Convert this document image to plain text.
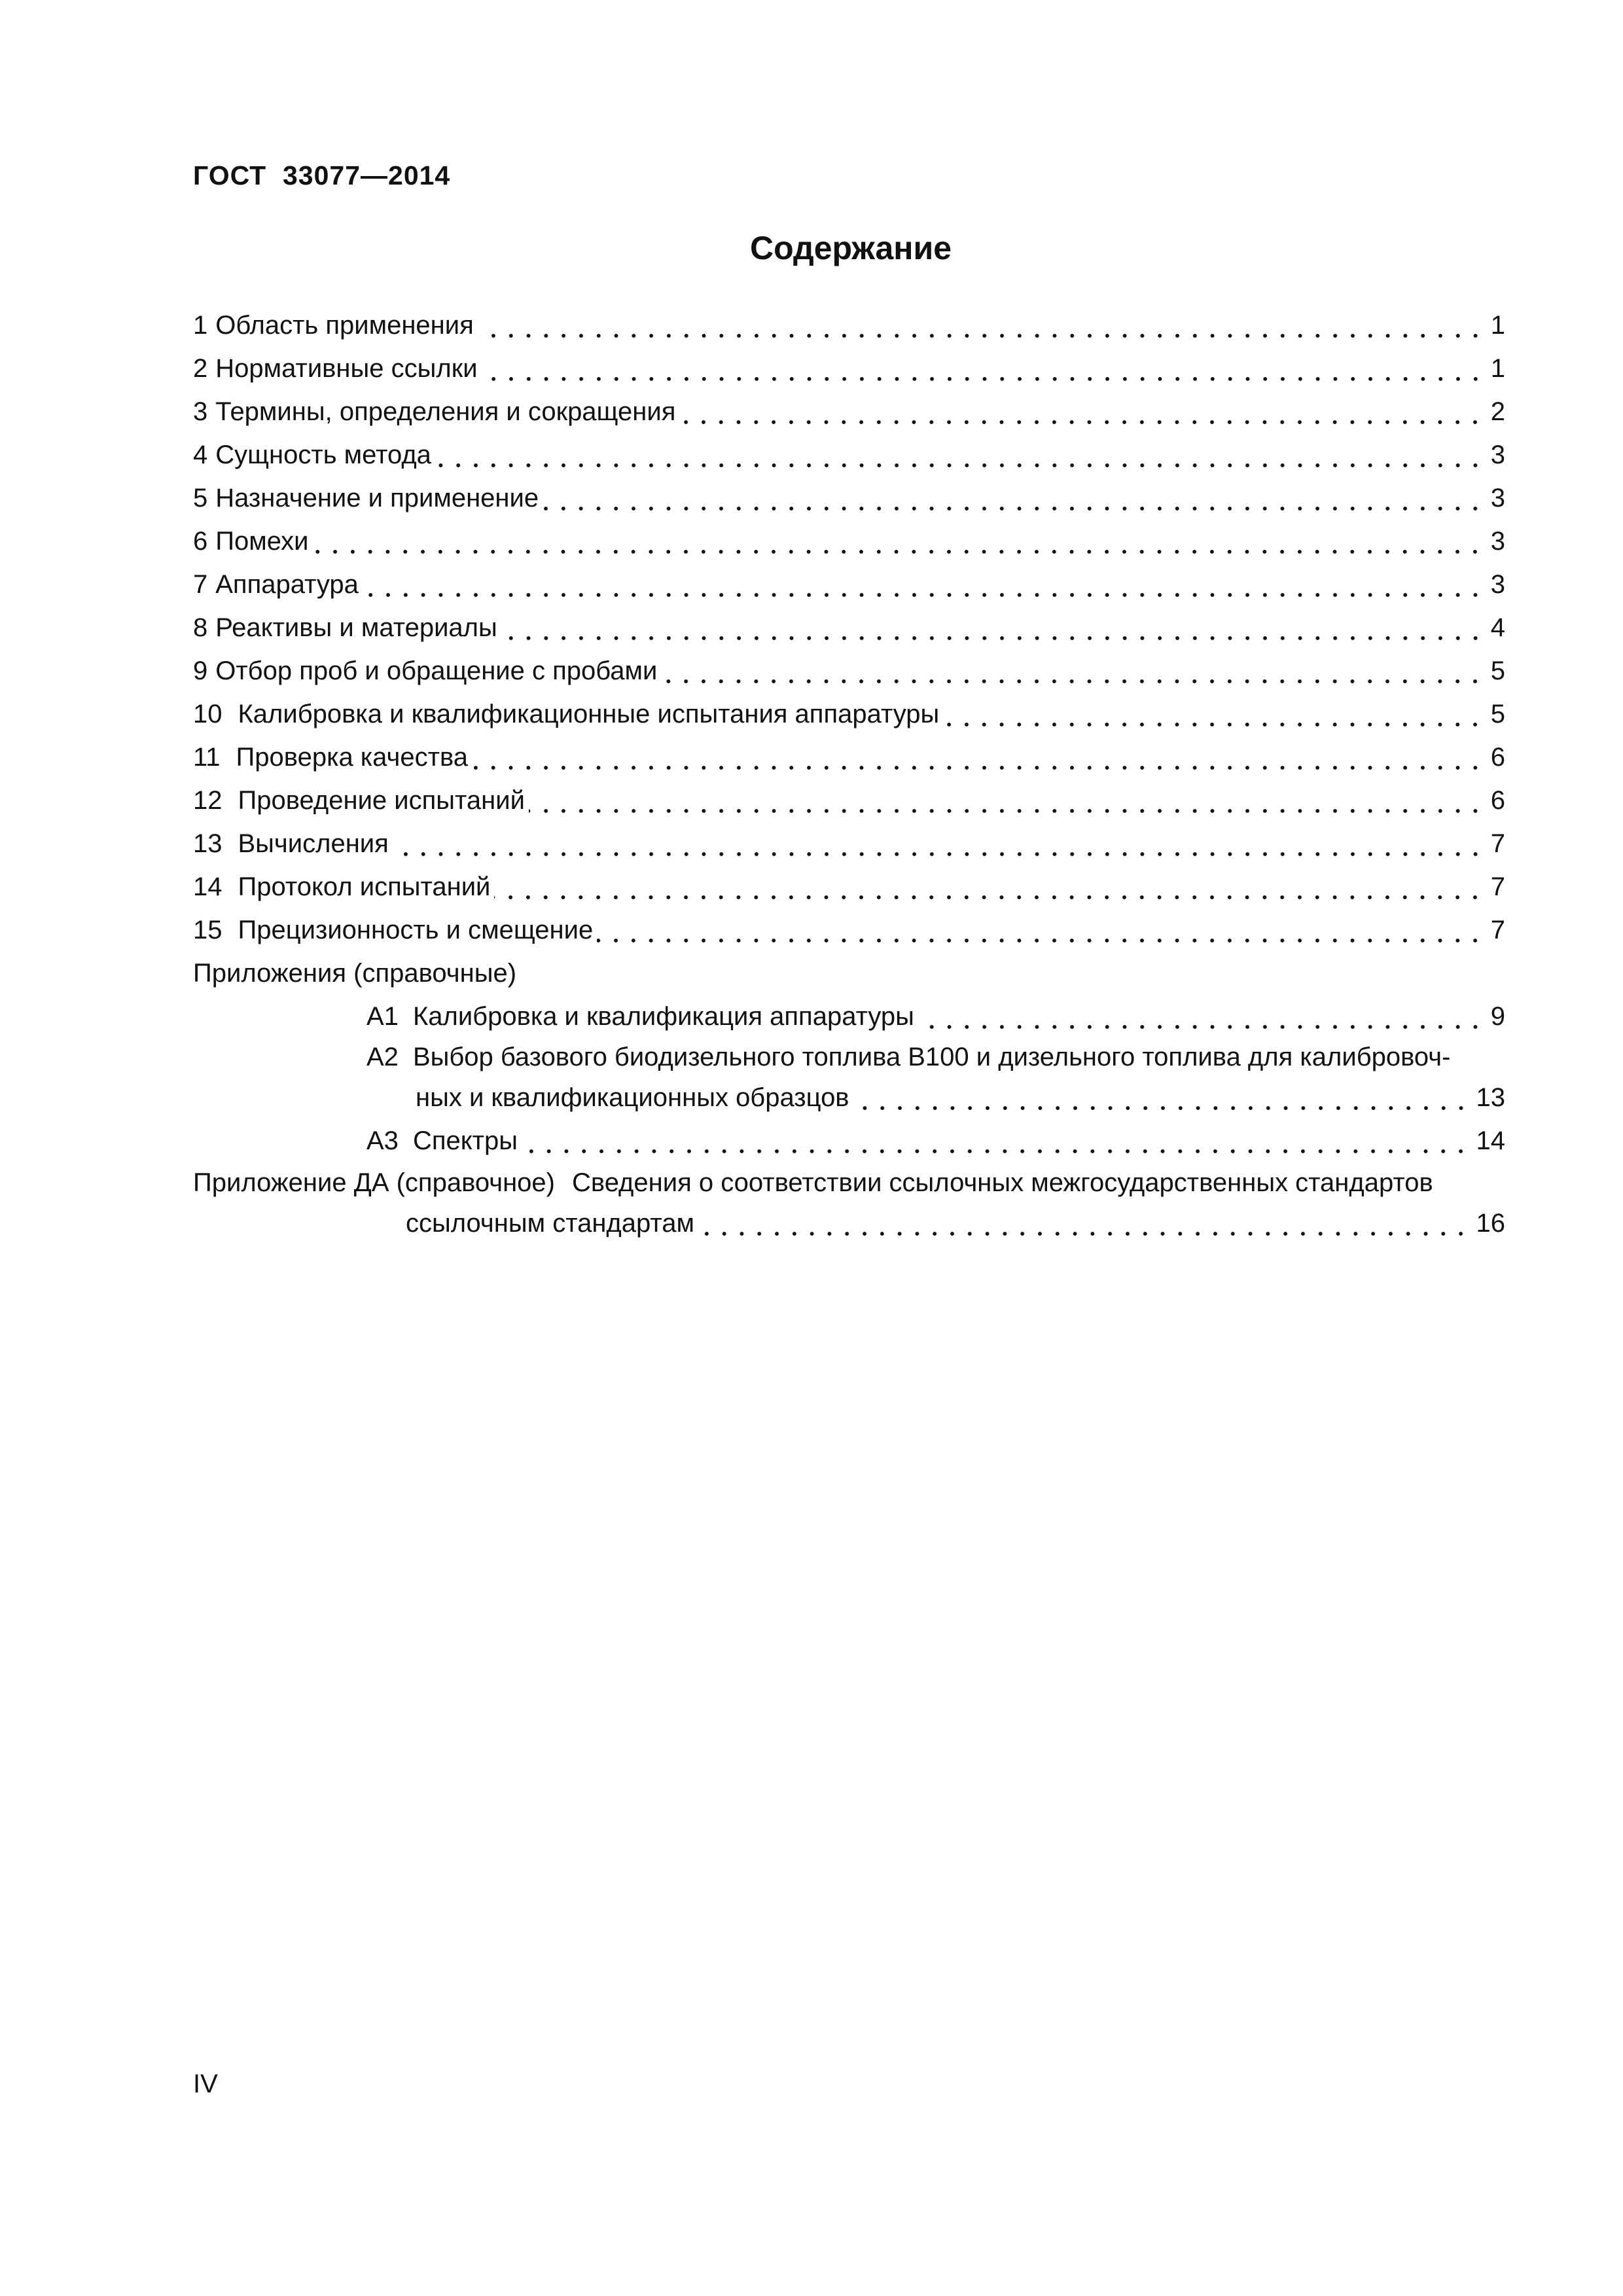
ГОСТ  33077—2014
Содержание
1 Область применения	1
2 Нормативные ссылки	1
3 Термины, определения и сокращения	2
4 Сущность метода	3
5 Назначение и применение	3
6 Помехи	3
7 Аппаратура	3
8 Реактивы и материалы	4
9 Отбор проб и обращение с пробами	5
10 Калибровка и квалификационные испытания аппаратуры	5
11 Проверка качества	6
12 Проведение испытаний	6
13 Вычисления	7
14 Протокол испытаний	7
15 Прецизионность и смещение	7
Приложения (справочные)
А1 Калибровка и квалификация аппаратуры	9
А2 Выбор базового биодизельного топлива В100 и дизельного топлива для калибровоч-
ных и квалификационных образцов	13
А3 Спектры	14
Приложение ДА (справочное) Сведения о соответствии ссылочных межгосударственных стандартов
ссылочным стандартам	16
IV
